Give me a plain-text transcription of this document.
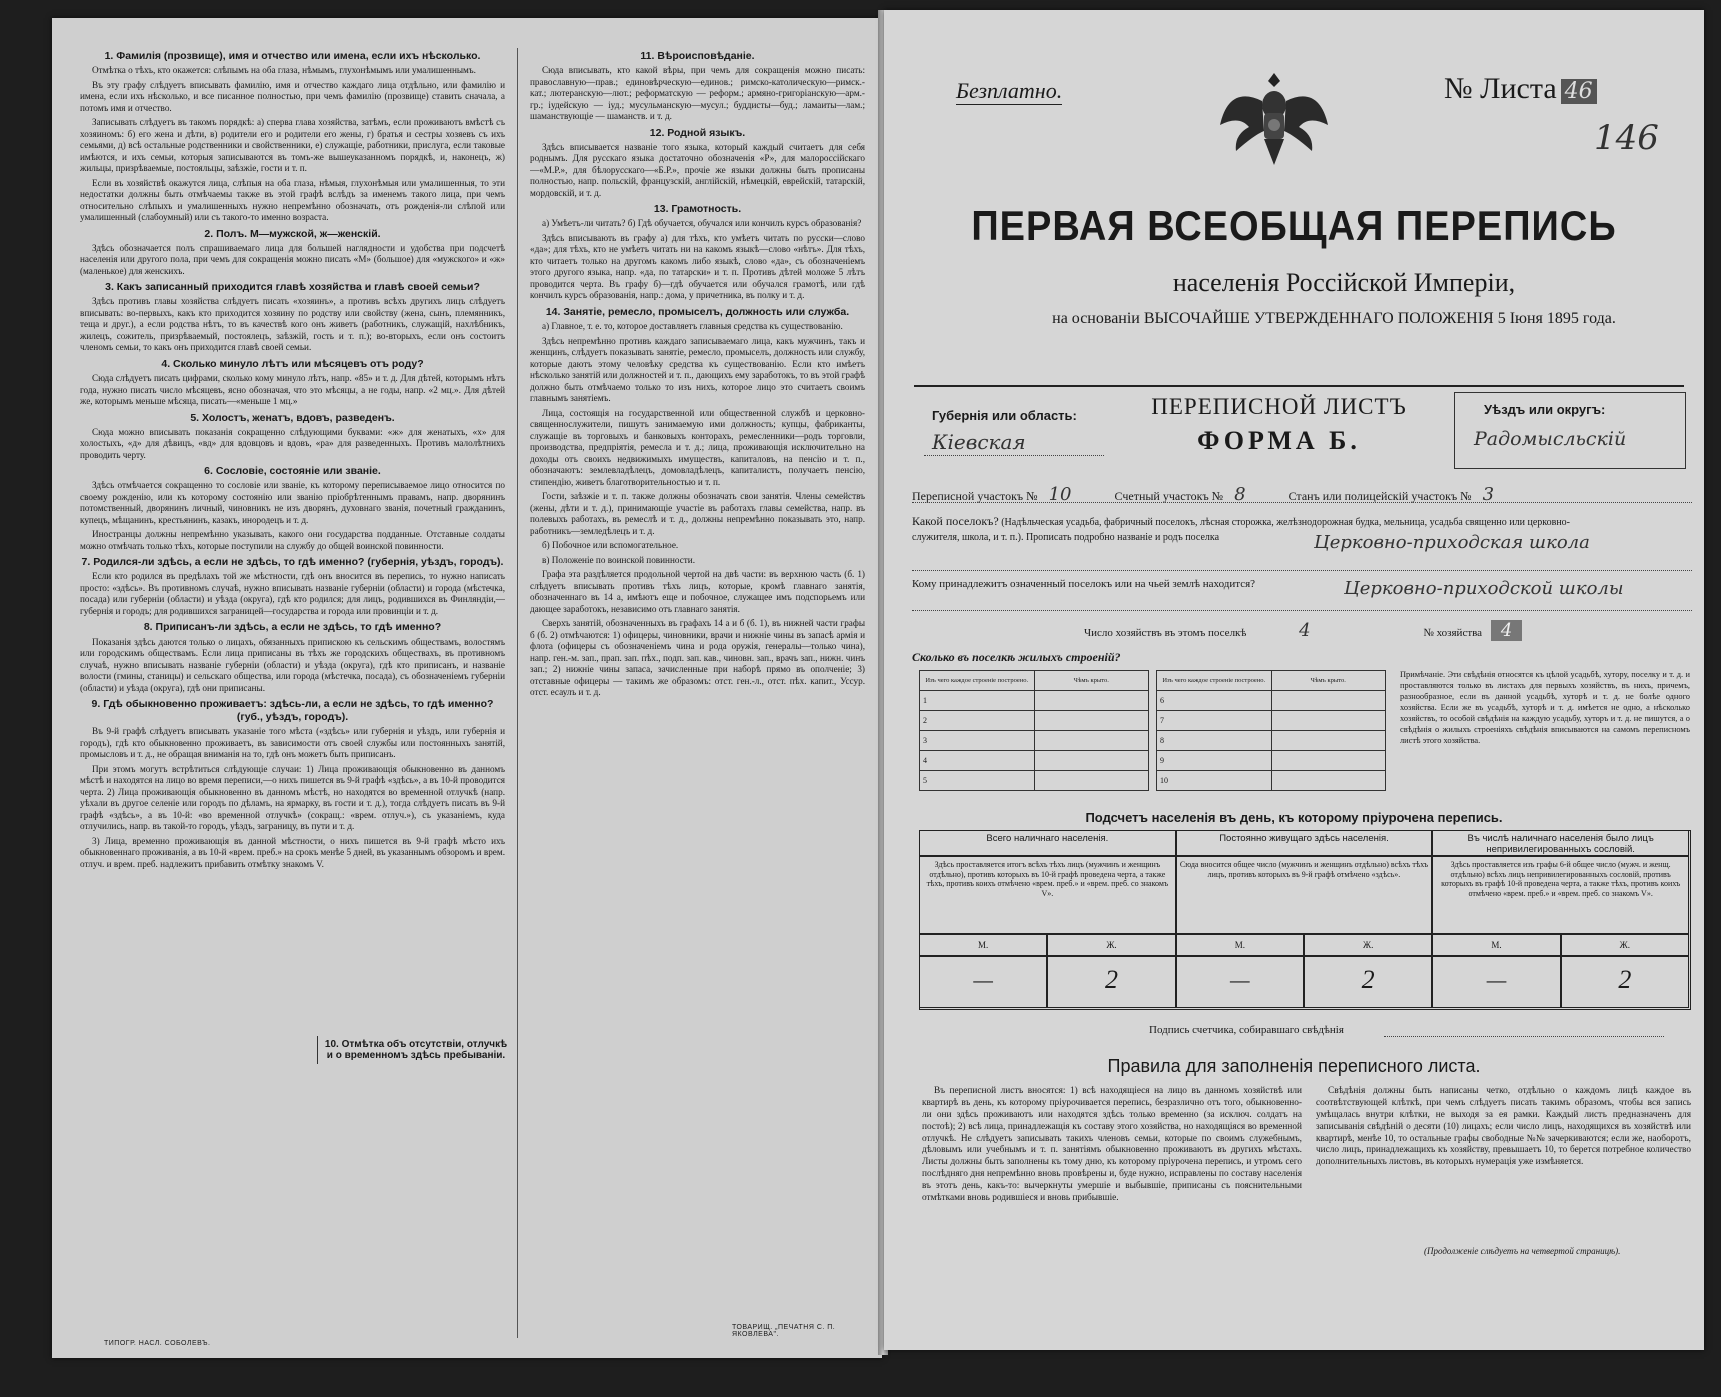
1. Фамилія (прозвище), имя и отчество или имена, если ихъ нѣсколько.

Отмѣтка о тѣхъ, кто окажется: слѣпымъ на оба глаза, нѣмымъ, глухонѣмымъ или умалишеннымъ.

Въ эту графу слѣдуетъ вписывать фамилію, имя и отчество каждаго лица отдѣльно, или фамилію и имена, если ихъ нѣсколько, и все писанное полностью, при чемъ фамилію (прозвище) ставить сначала, а потомъ имя и отчество.

Записывать слѣдуетъ въ такомъ порядкѣ: а) сперва глава хозяйства, затѣмъ, если проживаютъ вмѣстѣ съ хозяиномъ: б) его жена и дѣти, в) родители его и родители его жены, г) братья и сестры хозяевъ съ ихъ семьями, д) всѣ остальные родственники и свойственники, е) служащіе, работники, прислуга, если таковые имѣются, и ихъ семьи, которыя записываются въ томъ-же вышеуказанномъ порядкѣ, и, наконецъ, ж) жильцы, призрѣваемые, постояльцы, заѣзжіе, гости и т. п.

Если въ хозяйствѣ окажутся лица, слѣпыя на оба глаза, нѣмыя, глухонѣмыя или умалишенныя, то эти недостатки должны быть отмѣчаемы также въ этой графѣ вслѣдъ за именемъ такого лица, при чемъ относительно слѣпыхъ и умалишенныхъ нужно непремѣнно обозначать, отъ рожденія-ли слѣпой или умалишенный (слабоумный) или съ такого-то именно возраста.

2. Полъ. М—мужской, ж—женскій.

Здѣсь обозначается полъ спрашиваемаго лица для большей наглядности и удобства при подсчетѣ населенія или другого пола, при чемъ для сокращенія можно писать «М» (большое) для «мужского» и «ж» (маленькое) для женскихъ.

3. Какъ записанный приходится главѣ хозяйства и главѣ своей семьи?

Здѣсь противъ главы хозяйства слѣдуетъ писать «хозяинъ», а противъ всѣхъ другихъ лицъ слѣдуетъ вписывать: во-первыхъ, какъ кто приходится хозяину по родству или свойству (жена, сынъ, племянникъ, теща и друг.), а если родства нѣтъ, то въ качествѣ кого онъ живетъ (работникъ, служащій, нахлѣбникъ, жилецъ, сожитель, призрѣваемый, постоялецъ, заѣзжій, гость и т. п.); во-вторыхъ, если онъ состоитъ членомъ семьи, то какъ онъ приходится главѣ своей семьи.

4. Сколько минуло лѣтъ или мѣсяцевъ отъ роду?

Сюда слѣдуетъ писать цифрами, сколько кому минуло лѣтъ, напр. «85» и т. д. Для дѣтей, которымъ нѣтъ года, нужно писать число мѣсяцевъ, ясно обозначая, что это мѣсяцы, а не годы, напр. «2 мц.». Для дѣтей же, которымъ меньше мѣсяца, писать—«меньше 1 мц.»

5. Холостъ, женатъ, вдовъ, разведенъ.

Сюда можно вписывать показанія сокращенно слѣдующими буквами: «ж» для женатыхъ, «х» для холостыхъ, «д» для дѣвицъ, «вд» для вдовцовъ и вдовъ, «ра» для разведенныхъ. Противъ малолѣтнихъ проводить черту.

6. Сословіе, состояніе или званіе.

Здѣсь отмѣчается сокращенно то сословіе или званіе, къ которому переписываемое лицо относится по своему рожденію, или къ которому состоянію или званію пріобрѣтеннымъ правамъ, напр. дворянинъ потомственный, дворянинъ личный, чиновникъ не изъ дворянъ, духовнаго званія, почетный гражданинъ, купецъ, мѣщанинъ, крестьянинъ, казакъ, инородецъ и т. д.

Иностранцы должны непремѣнно указывать, какого они государства подданные. Отставные солдаты можно отмѣчать только тѣхъ, которые поступили на службу до общей воинской повинности.

7. Родился-ли здѣсь, а если не здѣсь, то гдѣ именно? (губернія, уѣздъ, городъ).

Если кто родился въ предѣлахъ той же мѣстности, гдѣ онъ вносится въ перепись, то нужно написать просто: «здѣсь». Въ противномъ случаѣ, нужно вписывать названіе губерніи (области) и города (мѣстечка, посада) или губерніи (области) и уѣзда (округа), гдѣ кто родился; для лицъ, родившихся въ Финляндіи,—губернія и городъ; для родившихся заграницей—государства и города или провинціи и т. д.

8. Приписанъ-ли здѣсь, а если не здѣсь, то гдѣ именно?

Показанія здѣсь даются только о лицахъ, обязанныхъ припискою къ сельскимъ обществамъ, волостямъ или городскимъ обществамъ. Если лица приписаны въ тѣхъ же городскихъ обществахъ, въ противномъ случаѣ, нужно вписывать названіе губерніи (области) и уѣзда (округа), гдѣ кто приписанъ, и названіе волости (гмины, станицы) и сельскаго общества, или города (мѣстечка, посада), съ обозначеніемъ губерніи (области) и уѣзда (округа), гдѣ они приписаны.

9. Гдѣ обыкновенно проживаетъ: здѣсь-ли, а если не здѣсь, то гдѣ именно? (губ., уѣздъ, городъ).

Въ 9-й графѣ слѣдуетъ вписывать указаніе того мѣста («здѣсь» или губернія и уѣздъ, или губернія и городъ), гдѣ кто обыкновенно проживаетъ, въ зависимости отъ своей службы или постоянныхъ занятій, промысловъ и т. д., не обращая вниманія на то, гдѣ онъ можетъ быть приписанъ.

При этомъ могутъ встрѣтиться слѣдующіе случаи: 1) Лица проживающія обыкновенно въ данномъ мѣстѣ и находятся на лицо во время переписи,—о нихъ пишется въ 9-й графѣ «здѣсь», а въ 10-й проводится черта. 2) Лица проживающія обыкновенно въ данномъ мѣстѣ, но находятся во временной отлучкѣ (напр. уѣхали въ другое селеніе или городъ по дѣламъ, на ярмарку, въ гости и т. д.), тогда слѣдуетъ писать въ 9-й графѣ «здѣсь», а въ 10-й: «во временной отлучкѣ» (сокращ.: «врем. отлуч.»), съ указаніемъ, куда отлучились, напр. въ такой-то городъ, уѣздъ, заграницу, въ пути и т. д.

3) Лица, временно проживающія въ данной мѣстности, о нихъ пишется въ 9-й графѣ мѣсто ихъ обыкновеннаго проживанія, а въ 10-й «врем. преб.» на срокъ менѣе 5 дней, въ указаннымъ обзоромъ и врем. отлуч. и врем. преб. надлежитъ прибавить отмѣтку знакомъ V.

11. Вѣроисповѣданіе.

Сюда вписывать, кто какой вѣры, при чемъ для сокращенія можно писать: православную—прав.; единовѣрческую—единов.; римско-католическую—римск.-кат.; лютеранскую—лют.; реформатскую — реформ.; армяно-григоріанскую—арм.-гр.; іудейскую — іуд.; мусульманскую—мусул.; буддисты—буд.; ламаиты—лам.; шаманствующіе — шаманств. и т. д.

12. Родной языкъ.

Здѣсь вписывается названіе того языка, который каждый считаетъ для себя роднымъ. Для русскаго языка достаточно обозначенія «Р», для малороссійскаго—«М.Р.», для бѣлорусскаго—«Б.Р.», прочіе же языки должны быть прописаны полностью, напр. польскій, французскій, англійскій, нѣмецкій, еврейскій, татарскій, мордовскій, и т. д.

13. Грамотность.

а) Умѣетъ-ли читать? б) Гдѣ обучается, обучался или кончилъ курсъ образованія?

Здѣсь вписывають въ графу а) для тѣхъ, кто умѣетъ читать по русски—слово «да»; для тѣхъ, кто не умѣетъ читать ни на какомъ языкѣ—слово «нѣтъ». Для тѣхъ, кто читаетъ только на другомъ какомъ либо языкѣ, слово «да», съ обозначеніемъ этого другого языка, напр. «да, по татарски» и т. п. Противъ дѣтей моложе 5 лѣтъ проводится черта. Въ графу б)—гдѣ обучается или обучался грамотѣ, или гдѣ кончилъ курсъ образованія, напр.: дома, у причетника, въ полку и т. д.

14. Занятіе, ремесло, промыселъ, должность или служба.

а) Главное, т. е. то, которое доставляетъ главныя средства къ существованію.

Здѣсь непремѣнно противъ каждаго записываемаго лица, какъ мужчинъ, такъ и женщинъ, слѣдуетъ показывать занятіе, ремесло, промыселъ, должность или службу, которые даютъ этому человѣку средства къ существованію. Если кто имѣетъ нѣсколько занятій или должностей и т. п., дающихъ ему заработокъ, то въ этой графѣ должно быть отмѣчаемо только то изъ нихъ, которое лицо это считаетъ своимъ главнымъ занятіемъ.

Лица, состоящія на государственной или общественной службѣ и церковно-священнослужители, пишутъ занимаемую ими должность; купцы, фабриканты, служащіе въ торговыхъ и банковыхъ конторахъ, ремесленники—родъ торговли, производства, предпріятія, ремесла и т. д.; лица, проживающія исключительно на доходы отъ своихъ недвижимыхъ имуществъ, капиталовъ, на пенсію и т. п., обозначаютъ: землевладѣлецъ, домовладѣлецъ, капиталистъ, получаетъ пенсію, стипендію, живетъ благотворительностью и т. п.

Гости, заѣзжіе и т. п. также должны обозначать свои занятія. Члены семействъ (жены, дѣти и т. д.), принимающіе участіе въ работахъ главы семейства, напр. въ полевыхъ работахъ, въ ремеслѣ и т. д., должны непремѣнно показывать это, напр. работникъ—земледѣлецъ и т. д.

б) Побочное или вспомогательное.

в) Положеніе по воинской повинности.

Графа эта раздѣляется продольной чертой на двѣ части: въ верхнюю часть (б. 1) слѣдуетъ вписывать противъ тѣхъ лицъ, которые, кромѣ главнаго занятія, обозначеннаго въ 14 а, имѣютъ еще и побочное, служащее имъ подспорьемъ или дающее заработокъ, независимо отъ главнаго занятія.

Сверхъ занятій, обозначенныхъ въ графахъ 14 а и б (б. 1), въ нижней части графы б (б. 2) отмѣчаются: 1) офицеры, чиновники, врачи и нижніе чины въ запасѣ армія и флота (офицеры съ обозначеніемъ чина и рода оружія, генералы—только чина), напр. ген.-м. зап., прап. зап. пѣх., подп. зап. кав., чиновн. зап., врачъ зап., нижн. чинъ зап.; 2) нижніе чины запаса, зачисленные при наборѣ прямо въ ополченіе; 3) отставные офицеры — такимъ же образомъ: отст. ген.-л., отст. пѣх. капит., Уссур. отст. есаулъ и т. д.

10. Отмѣтка объ отсутствіи, отлучкѣ и о временномъ здѣсь пребываніи.
ТИПОГР. НАСЛ. СОБОЛЕВЪ.
ТОВАРИЩ. „ПЕЧАТНЯ С. П. ЯКОВЛЕВА".
Безплатно.	№ Листа 46
146
ПЕРВАЯ ВСЕОБЩАЯ ПЕРЕПИСЬ
населенія Россійской Имперіи,
на основаніи ВЫСОЧАЙШЕ УТВЕРЖДЕННАГО ПОЛОЖЕНІЯ 5 Іюня 1895 года.
Губернія или область:
Кіевская
ПЕРЕПИСНОЙ ЛИСТЪ
ФОРМА Б.
Уѣздъ или округъ:
Радомысльскій
Переписной участокъ № 10	Счетный участокъ № 8	Станъ или полицейскій участокъ № 3
Какой поселокъ? (Надѣльческая усадьба, фабричный поселокъ, лѣсная сторожка, желѣзнодорожная будка, мельница, усадьба священно или церковно-служителя, школа, и т. п.). Прописать подробно названіе и родъ поселка	Церковно-приходская школа
Кому принадлежитъ означенный поселокъ или на чьей землѣ находится?	Церковно-приходской школы
Число хозяйствъ въ этомъ поселкѣ	4	№ хозяйства 4
Сколько въ поселкѣ жилыхъ строеній?
Изъ чего каждое строеніе построено.	Чѣмъ крыто.
1	
2	
3	
4	
5	
Изъ чего каждое строеніе построено.	Чѣмъ крыто.
6	
7	
8	
9	
10	
Примѣчаніе. Эти свѣдѣнія относятся къ цѣлой усадьбѣ, хутору, поселку и т. д. и проставляются только въ листахъ для первыхъ хозяйствъ, въ нихъ, причемъ, разнообразное, если въ данной усадьбѣ, хуторѣ и т. д. не болѣе одного хозяйства. Если же въ усадьбѣ, хуторѣ и т. д. имѣется не одно, а нѣсколько хозяйствъ, то особой свѣдѣнія на каждую усадьбу, хуторъ и т. д. не пишутся, а о свѣдѣнія о жилыхъ строеніяхъ свѣдѣнія вписываются на самомъ переписномъ листѣ этого хозяйства.
Подсчетъ населенія въ день, къ которому пріурочена перепись.
Подпись счетчика, собиравшаго свѣдѣнія
Правила для заполненія переписного листа.
Въ переписной листъ вносятся: 1) всѣ находящіеся на лицо въ данномъ хозяйствѣ или квартирѣ въ день, къ которому пріурочивается перепись, безразлично отъ того, обыкновенно-ли они здѣсь проживаютъ или находятся здѣсь только временно (за исключ. солдатъ на постоѣ); 2) всѣ лица, принадлежащія къ составу этого хозяйства, но находящіяся во временной отлучкѣ. Не слѣдуетъ записывать такихъ членовъ семьи, которые по своимъ служебнымъ, дѣловымъ или учебнымъ и т. п. занятіямъ обыкновенно проживаютъ въ другихъ мѣстахъ. Листы должны быть заполнены къ тому дню, къ которому пріурочена перепись, и утромъ сего послѣдняго дня непремѣнно вновь провѣрены и, буде нужно, исправлены по составу населенія въ этотъ день, какъ-то: вычеркнуты умершіе и выбывшіе, приписаны съ пояснительными отмѣтками вновь родившіеся и вновь прибывшіе.
Свѣдѣнія должны быть написаны четко, отдѣльно о каждомъ лицѣ каждое въ соотвѣтствующей клѣткѣ, при чемъ слѣдуетъ писать такимъ образомъ, чтобы вся запись умѣщалась внутри клѣтки, не выходя за ея рамки. Каждый листъ предназначенъ для записыванія свѣдѣній о десяти (10) лицахъ; если число лицъ, находящихся въ хозяйствѣ или квартирѣ, менѣе 10, то остальные графы свободные №№ зачеркиваются; если же, наоборотъ, число лицъ, принадлежащихъ къ хозяйству, превышаетъ 10, то берется потребное количество дополнительныхъ листовъ, въ которыхъ нумерація уже измѣняется.
(Продолженіе слѣдуетъ на четвертой страницѣ).
Всего наличнаго населенія.
Здѣсь проставляется итогъ всѣхъ тѣхъ лицъ (мужчинъ и женщинъ отдѣльно), противъ которыхъ въ 10-й графѣ проведена черта, а также тѣхъ, противъ коихъ отмѣчено «врем. преб.» и «врем. преб. со знакомъ V».
М.	Ж.
—	2
Постоянно живущаго здѣсь населенія.
Сюда вносится общее число (мужчинъ и женщинъ отдѣльно) всѣхъ тѣхъ лицъ, противъ которыхъ въ 9-й графѣ отмѣчено «здѣсь».
М.	Ж.
—	2
Въ числѣ наличнаго населенія было лицъ непривилегированныхъ сословій.
Здѣсь проставляется изъ графы 6-й общее число (мужч. и женщ. отдѣльно) всѣхъ лицъ непривилегированныхъ сословій, противъ которыхъ въ графѣ 10-й проведена черта, а также тѣхъ, противъ коихъ отмѣчено «врем. преб.» и «врем. преб. со знакомъ V».
М.	Ж.
—	2
